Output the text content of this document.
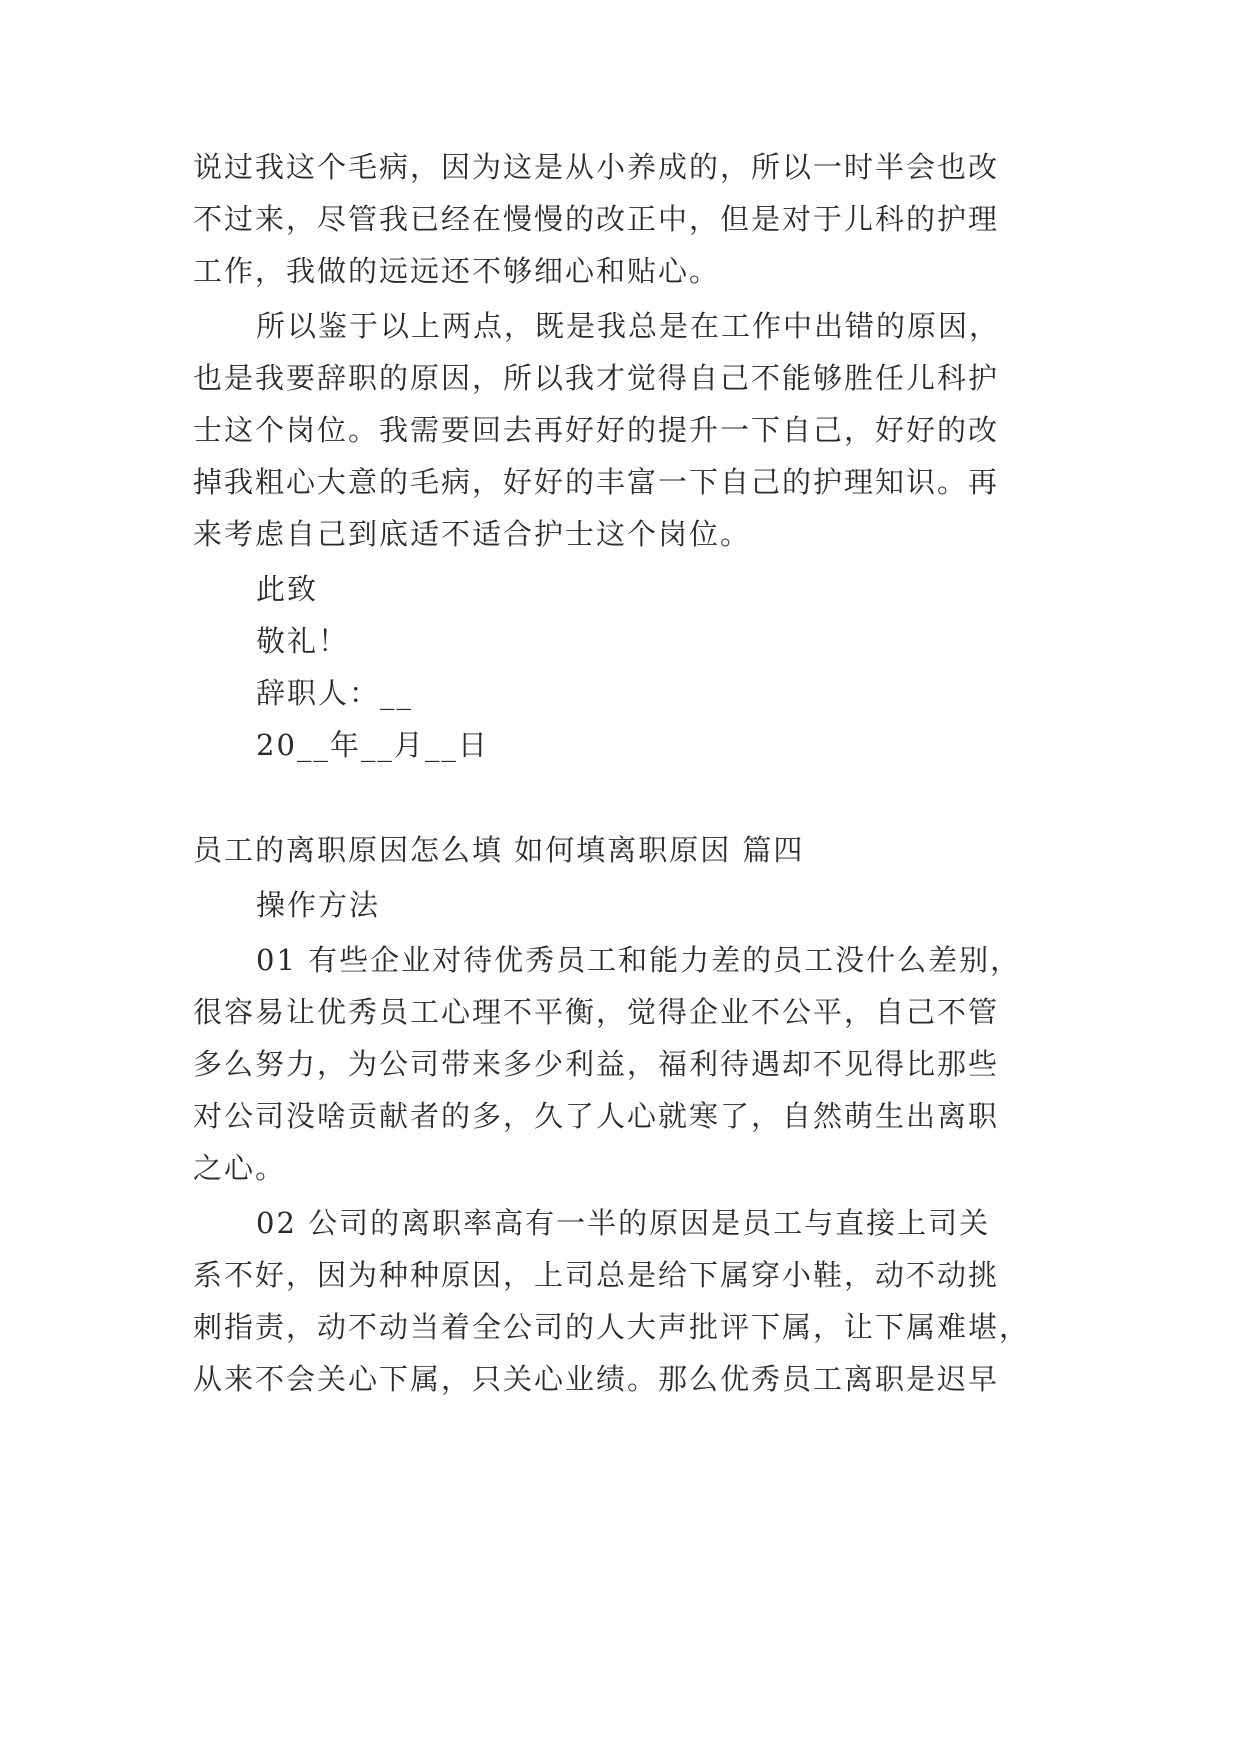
说过我这个毛病，因为这是从小养成的，所以一时半会也改
不过来，尽管我已经在慢慢的改正中，但是对于儿科的护理
工作，我做的远远还不够细心和贴心。
所以鉴于以上两点，既是我总是在工作中出错的原因，
也是我要辞职的原因，所以我才觉得自己不能够胜任儿科护
士这个岗位。我需要回去再好好的提升一下自己，好好的改
掉我粗心大意的毛病，好好的丰富一下自己的护理知识。再
来考虑自己到底适不适合护士这个岗位。
此致
敬礼！
辞职人：__
20__年__月__日
员工的离职原因怎么填 如何填离职原因 篇四
操作方法
01 有些企业对待优秀员工和能力差的员工没什么差别，
很容易让优秀员工心理不平衡，觉得企业不公平，自己不管
多么努力，为公司带来多少利益，福利待遇却不见得比那些
对公司没啥贡献者的多，久了人心就寒了，自然萌生出离职
之心。
02 公司的离职率高有一半的原因是员工与直接上司关
系不好，因为种种原因，上司总是给下属穿小鞋，动不动挑
刺指责，动不动当着全公司的人大声批评下属，让下属难堪，
从来不会关心下属，只关心业绩。那么优秀员工离职是迟早
